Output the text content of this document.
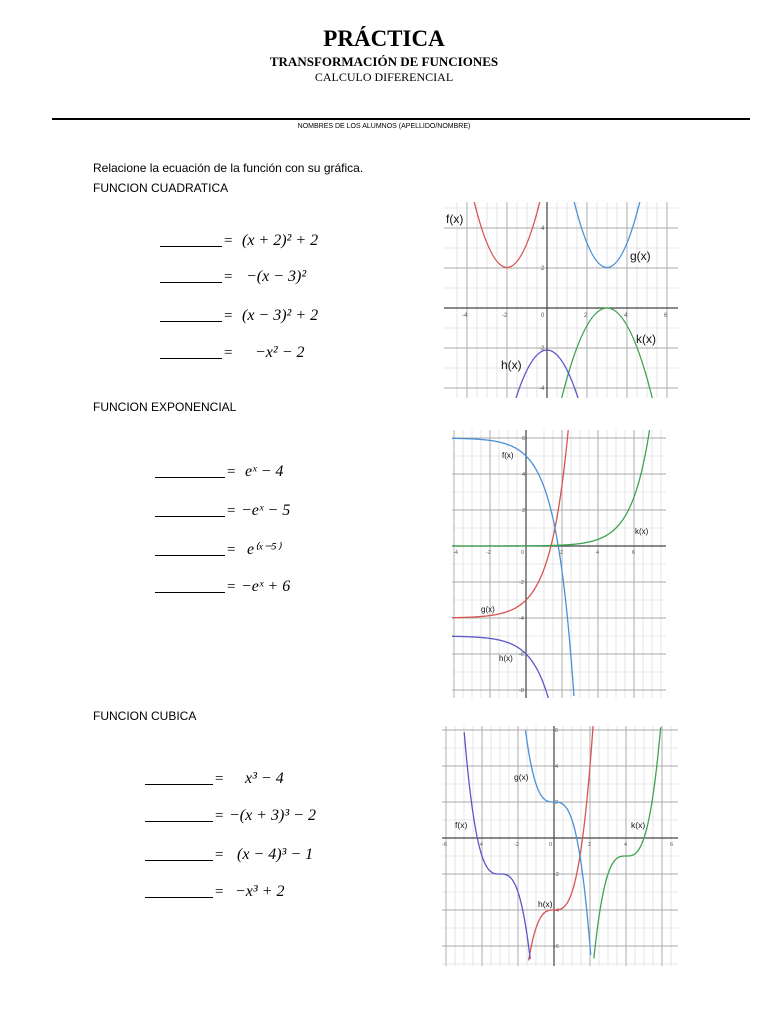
PRÁCTICA
TRANSFORMACIÓN DE FUNCIONES
CALCULO DIFERENCIAL
NOMBRES DE LOS ALUMNOS (APELLIDO/NOMBRE)
Relacione la ecuación de la función con su gráfica.
FUNCION CUADRATICA
= (x + 2)² + 2
= −(x − 3)²
= (x − 3)² + 2
= −x² − 2
-4	-2	0	2	4	6
4
2
-2
-4
f(x)
g(x)
k(x)
h(x)
FUNCION EXPONENCIAL
= eˣ − 4
= −eˣ − 5
= e⁽ˣ⁻⁵⁾
= −eˣ + 6
-4	-2	0	2	4	6
6
4
2
-2
-4
-6
-8
f(x)
k(x)
g(x)
h(x)
FUNCION CUBICA
= x³ − 4
= −(x + 3)³ − 2
= (x − 4)³ − 1
= −x³ + 2
-6	-4	-2	0	2	4	6
6
4
2
-2
-4
-6
g(x)
f(x)	k(x)
h(x)
